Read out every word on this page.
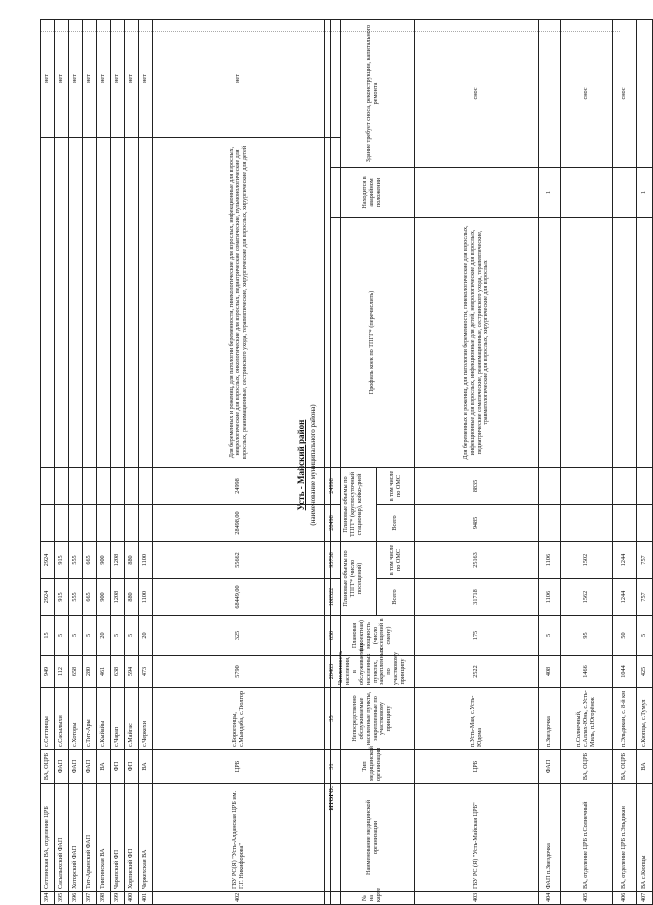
394	Сеттинская ВА, отделение ЦРБ	ВА, ОЦРБ	с.Сеттинцы	949	15	2924	2924				нет
395	Сасылыхский ФАП	ФАП	с.Сасылыхи	112	5	915	915				нет
396	Хоторский ФАП	ФАП	с.Хоторы	658	5	555	555				нет
397	Тит-Арынский ФАП	ФАП	с.Тит-Ары	280	5	665	665				нет
398	Тиигинская ВА	ВА	с.Кыйайы	461	20	900	900				нет
399	Чарапский ФП	ФП	с.Чарап	638	5	1208	1208				нет
400	Хорпиский ФП	ФП	с.Майгас	594	5	880	880				нет
401	Черкехская ВА	ВА	с.Черкехи	473	20	1100	1100				нет
402	ГБУ РС(Я) "Усть-Алданская ЦРБ им. Г.Г. Никифорова"	ЦРБ	с.Борогонцы, с.Мындаба, с.Тюлгор	5790	325	68449,00	55662	28498,00	24998	Для беременных и рожениц, для патологии беременности, гинекологические для взрослых, инфекционные для взрослых, неврологические для взрослых, онкологические для взрослых, педиатрические соматические, пульмонологические для взрослых, реанимационные, сестринского ухода, терапевтические, хирургические для взрослых, хирургические для детей	нет
	ИТОГО:	31	35	20463	650	108522	95738	28498	24998		
Усть - Майский район (наименование муниципального района)
№ на карте	Наименование медицинской организации	Тип медицинской организации	Непосредственно обслуживаемые населенные пункты, закрепленные по участковому принципу	Численность населения, в обслуживаемых населенных пунктах, закрепленных по участковому принципу	Плановая (проектная) мощность (число посещений в смену)	Плановые объемы по ТПГГ* (число посещений)		Плановые объемы по ТПГГ* (круглосуточный стационар), койко-дней		Профиль коек по ТПГГ* (перечислить)	Находится в аварийном положении	Здание требует сноса, реконструкции, капитального ремонта
						Всего	в том числе по ОМС	Всего	в том числе по ОМС			

403	ГБУ РС (Я) "Усть-Майская ЦРБ"	ЦРБ	п.Усть-Мая, с.Усть-Юдома	2522	175	31718	25163	9485	8835	Для беременных и рожениц, для патологии беременности, гинекологические для взрослых, инфекционные для взрослых, инфекционные для детей, неврологические для взрослых, педиатрические соматические, реанимационные, сестринского ухода, терапевтические, травматологические для взрослых, хирургические для взрослых		снос
404	ФАП п.Звездочка	ФАП	п.Звездочка	408	5	1106	1106				1	
405	ВА, отделение ЦРБ п.Солнечный	ВА, ОЦРБ	п.Солнечный, с.Аллах-Юнь, с.Усть-Миль, п.Югорёнок	1466	95	1562	1502					снос
406	ВА, отделение ЦРБ п.Эльдикан	ВА, ОЦРБ	п.Эльдикан, с. 8-й км	1044	50	1244	1244					снос
407	ВА с.Кюпцы	ВА	с.Кюпцы, с.Тумул	425	5	757	757				1	
